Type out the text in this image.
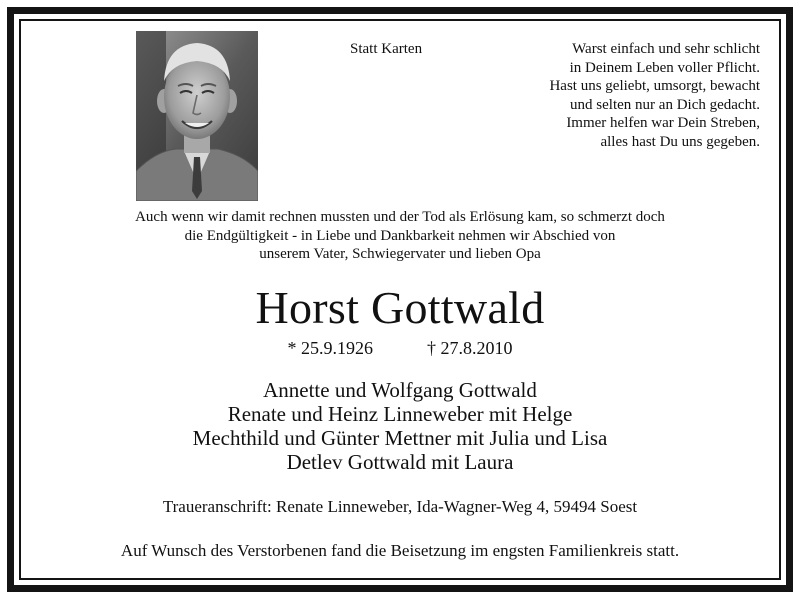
Statt Karten	Warst einfach und sehr schlicht
in Deinem Leben voller Pflicht.
Hast uns geliebt, umsorgt, bewacht
und selten nur an Dich gedacht.
Immer helfen war Dein Streben,
alles hast Du uns gegeben.
Auch wenn wir damit rechnen mussten und der Tod als Erlösung kam, so schmerzt doch
die Endgültigkeit - in Liebe und Dankbarkeit nehmen wir Abschied von
unserem Vater, Schwiegervater und lieben Opa
Horst Gottwald
* 25.9.1926	† 27.8.2010
Annette und Wolfgang Gottwald
Renate und Heinz Linneweber mit Helge
Mechthild und Günter Mettner mit Julia und Lisa
Detlev Gottwald mit Laura
Traueranschrift: Renate Linneweber, Ida-Wagner-Weg 4, 59494 Soest
Auf Wunsch des Verstorbenen fand die Beisetzung im engsten Familienkreis statt.
